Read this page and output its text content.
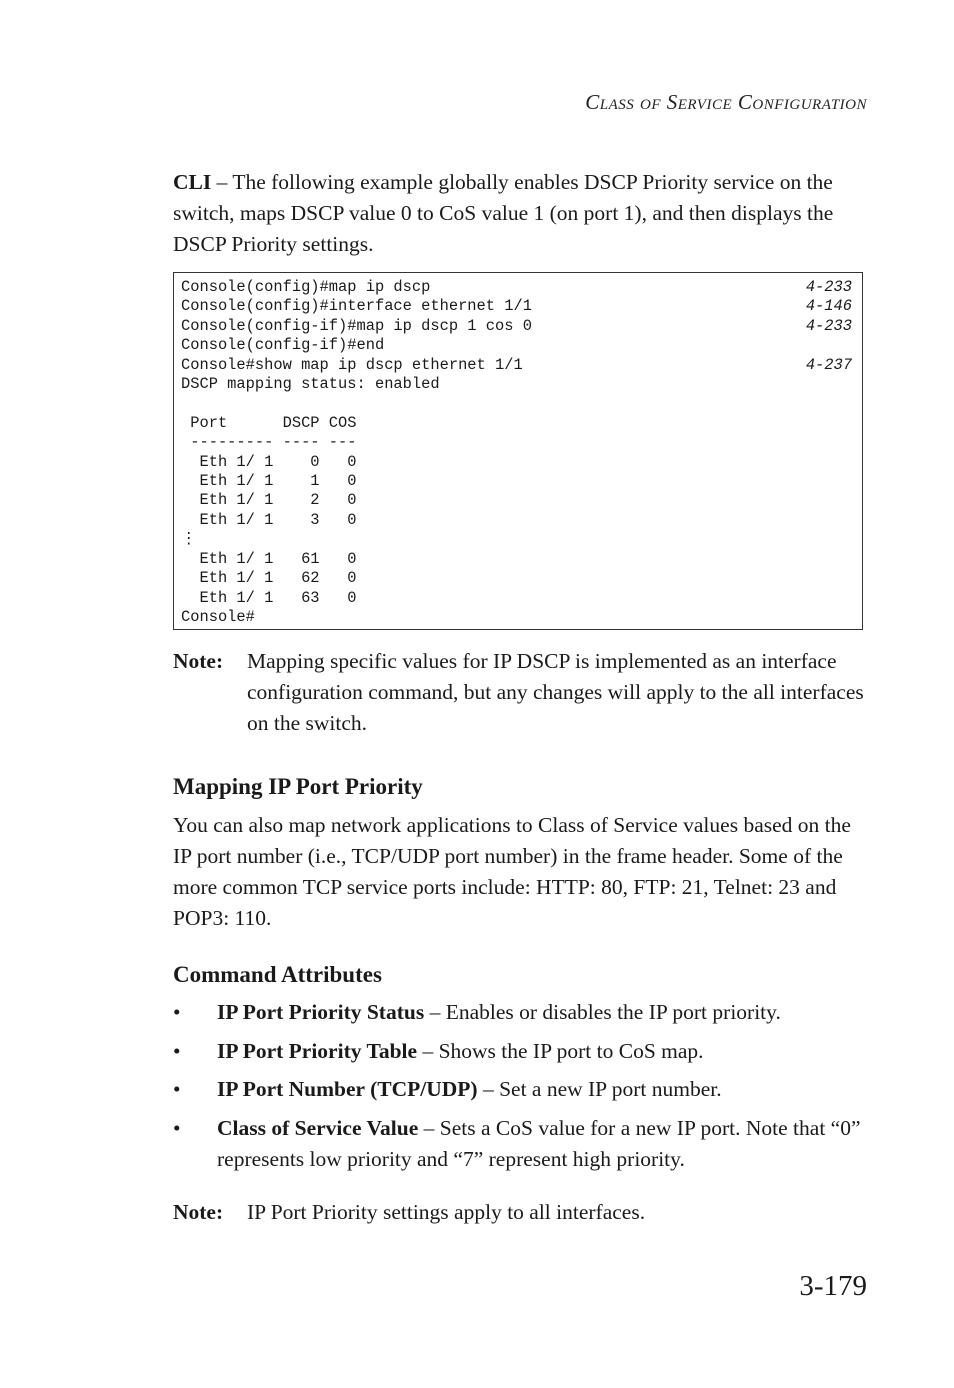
Class of Service Configuration

CLI – The following example globally enables DSCP Priority service on the switch, maps DSCP value 0 to CoS value 1 (on port 1), and then displays the DSCP Priority settings.

Console(config)#map ip dscp
Console(config)#interface ethernet 1/1
Console(config-if)#map ip dscp 1 cos 0
Console(config-if)#end
Console#show map ip dscp ethernet 1/1
DSCP mapping status: enabled

Port      DSCP COS
--------- ---- ---
Eth 1/ 1    0   0
Eth 1/ 1    1   0
Eth 1/ 1    2   0
Eth 1/ 1    3   0
⋮
Eth 1/ 1   61   0
Eth 1/ 1   62   0
Eth 1/ 1   63   0
Console#
4-233
4-146
4-233

4-237
Note: Mapping specific values for IP DSCP is implemented as an interface configuration command, but any changes will apply to the all interfaces on the switch.
Mapping IP Port Priority

You can also map network applications to Class of Service values based on the IP port number (i.e., TCP/UDP port number) in the frame header. Some of the more common TCP service ports include: HTTP: 80, FTP: 21, Telnet: 23 and POP3: 110.

Command Attributes
• IP Port Priority Status – Enables or disables the IP port priority.
• IP Port Priority Table – Shows the IP port to CoS map.
• IP Port Number (TCP/UDP) – Set a new IP port number.
• Class of Service Value – Sets a CoS value for a new IP port. Note that “0” represents low priority and “7” represent high priority.
Note: IP Port Priority settings apply to all interfaces.
3-179
